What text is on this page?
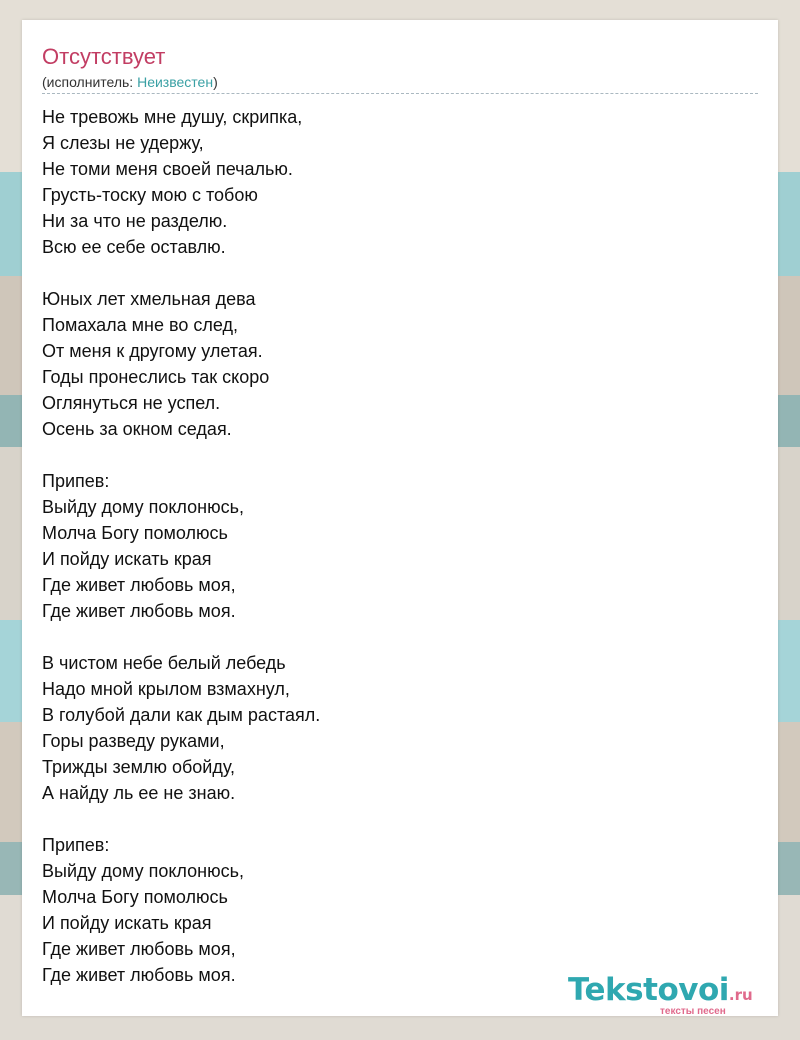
Отсутствует
(исполнитель: Неизвестен)
Не тревожь мне душу, скрипка,
Я слезы не удержу,
Не томи меня своей печалью.
Грусть-тоску мою с тобою
Ни за что не разделю.
Всю ее себе оставлю.
Юных лет хмельная дева
Помахала мне во след,
От меня к другому улетая.
Годы пронеслись так скоро
Оглянуться не успел.
Осень за окном седая.
Припев:
Выйду дому поклонюсь,
Молча Богу помолюсь
И пойду искать края
Где живет любовь моя,
Где живет любовь моя.
В чистом небе белый лебедь
Надо мной крылом взмахнул,
В голубой дали как дым растаял.
Горы разведу руками,
Трижды землю обойду,
А найду ль ее не знаю.
Припев:
Выйду дому поклонюсь,
Молча Богу помолюсь
И пойду искать края
Где живет любовь моя,
Где живет любовь моя.	Tekstovoi.ru
тексты песен
